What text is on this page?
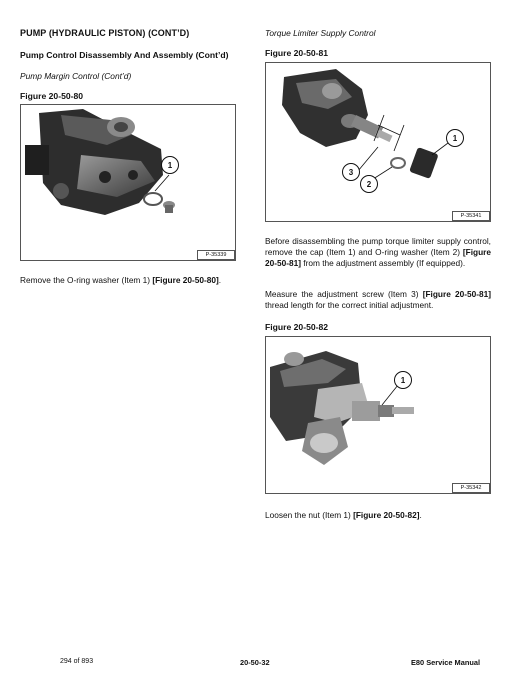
PUMP (HYDRAULIC PISTON) (CONT’D)
Pump Control Disassembly And Assembly (Cont’d)
Pump Margin Control (Cont’d)
Figure 20-50-80
1
P-35339
Remove the O-ring washer (Item 1) [Figure 20-50-80].
Torque Limiter Supply Control
Figure 20-50-81
1
2
3
P-35341
Before disassembling the pump torque limiter supply control, remove the cap (Item 1) and O-ring washer (Item 2) [Figure 20-50-81] from the adjustment assembly (If equipped).
Measure the adjustment screw (Item 3) [Figure 20-50-81] thread length for the correct initial adjustment.
Figure 20-50-82
1
P-35342
Loosen the nut (Item 1) [Figure 20-50-82].
294 of 893	20-50-32	E80 Service Manual
